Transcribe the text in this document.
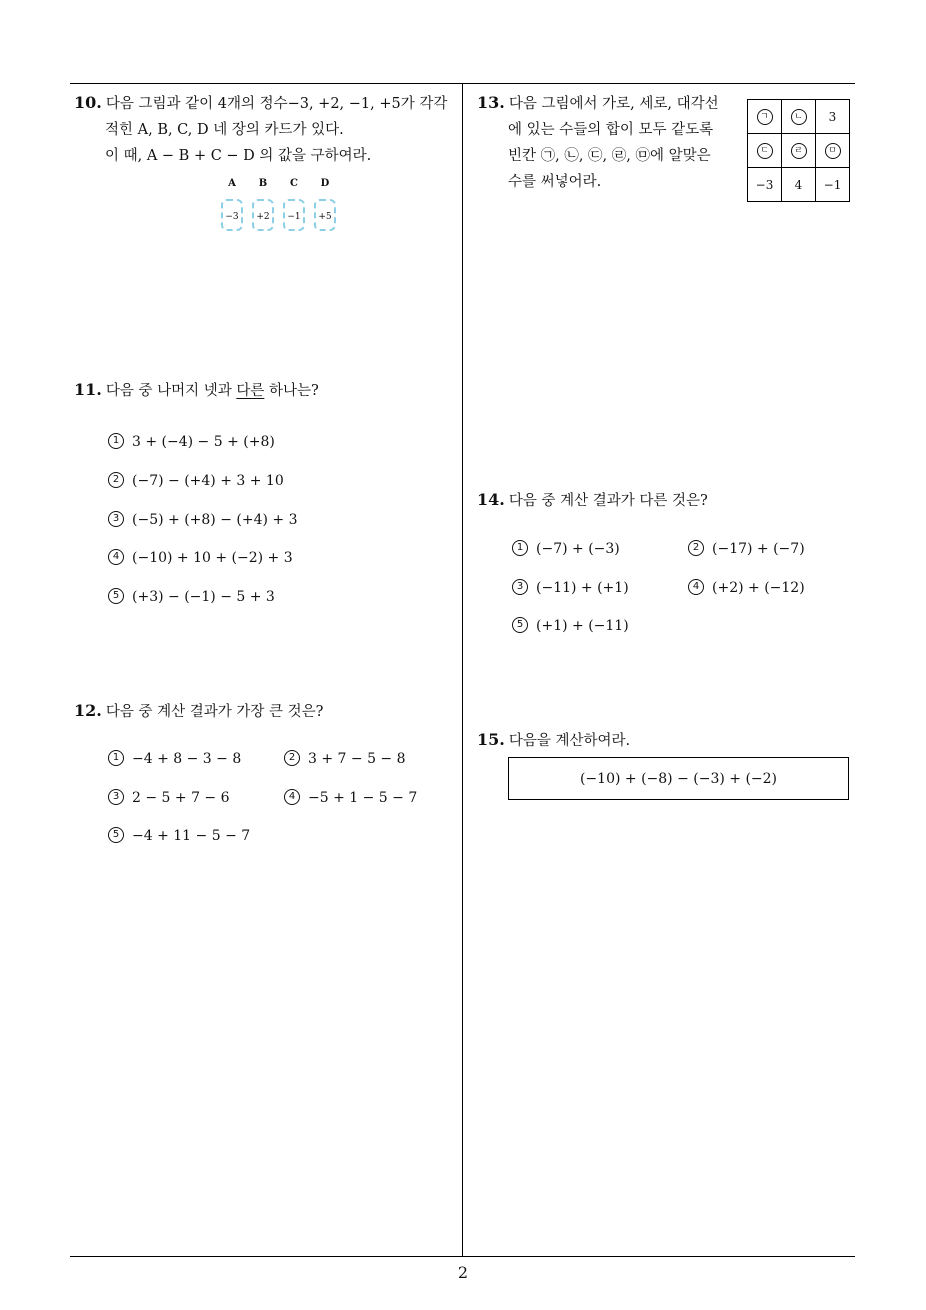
2
10. 다음 그림과 같이 4개의 정수−3, +2, −1, +5가 각각
적힌 A, B, C, D 네 장의 카드가 있다.
이 때, A − B + C − D 의 값을 구하여라.
A	B	C	D
−3	+2	−1	+5
11. 다음 중 나머지 넷과 다른 하나는?
1 3 + (−4) − 5 + (+8)
2 (−7) − (+4) + 3 + 10
3 (−5) + (+8) − (+4) + 3
4 (−10) + 10 + (−2) + 3
5 (+3) − (−1) − 5 + 3
12. 다음 중 계산 결과가 가장 큰 것은?
1 −4 + 8 − 3 − 8	2 3 + 7 − 5 − 8
3 2 − 5 + 7 − 6	4 −5 + 1 − 5 − 7
5 −4 + 11 − 5 − 7
13. 다음 그림에서 가로, 세로, 대각선
에 있는 수들의 합이 모두 같도록
빈칸 ㉠, ㉡, ㉢, ㉣, ㉤에 알맞은
수를 써넣어라.
ㄱ	ㄴ	3
ㄷ	ㄹ	ㅁ
−3	4	−1
14. 다음 중 계산 결과가 다른 것은?
1 (−7) + (−3)	2 (−17) + (−7)
3 (−11) + (+1)	4 (+2) + (−12)
5 (+1) + (−11)
15. 다음을 계산하여라.
(−10) + (−8) − (−3) + (−2)
